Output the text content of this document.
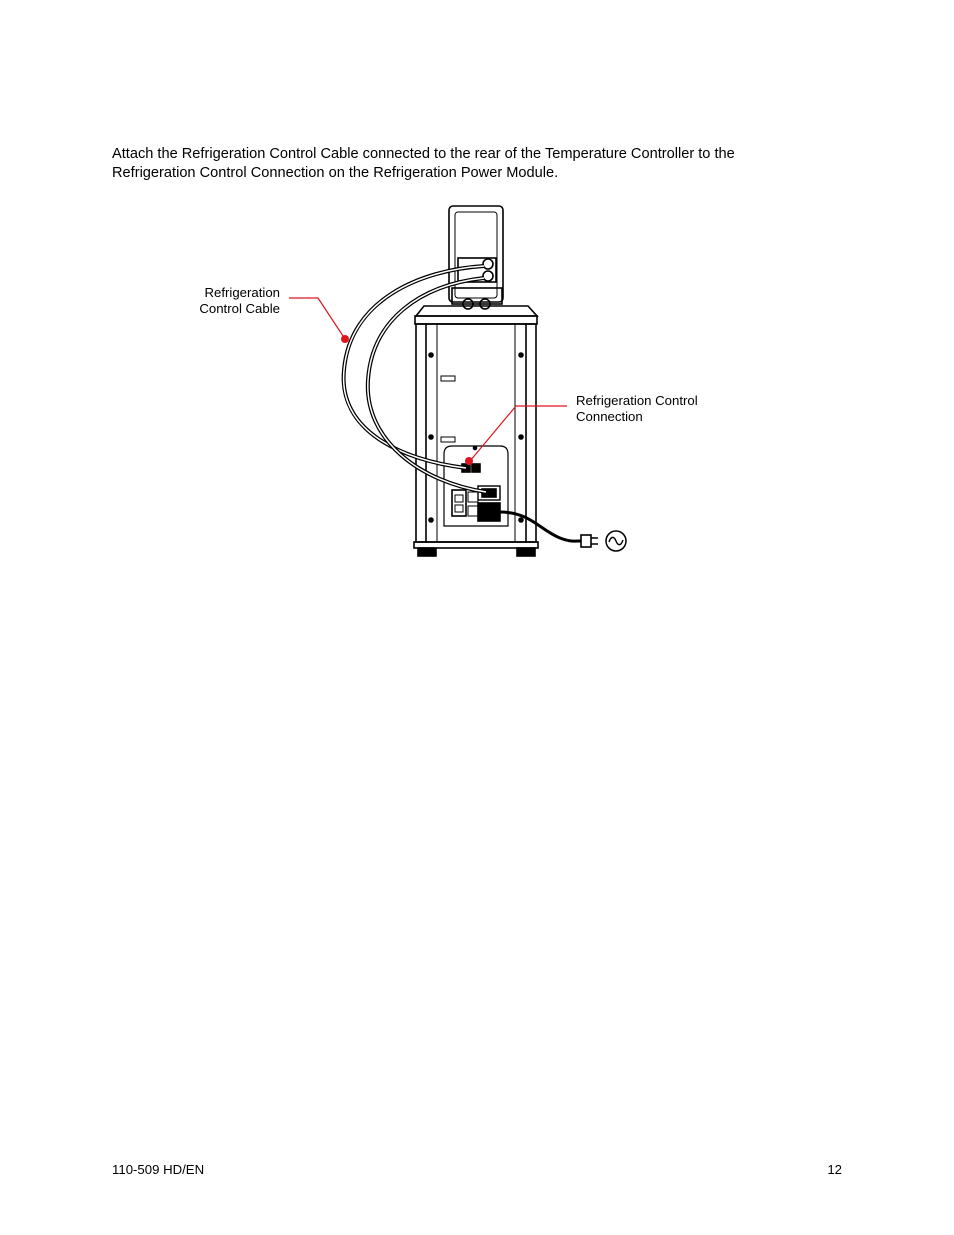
Attach the Refrigeration Control Cable connected to the rear of the Temperature Controller to the Refrigeration Control Connection on the Refrigeration Power Module.

Refrigeration Control Cable

Refrigeration Control Connection

110-509 HD/EN	12
